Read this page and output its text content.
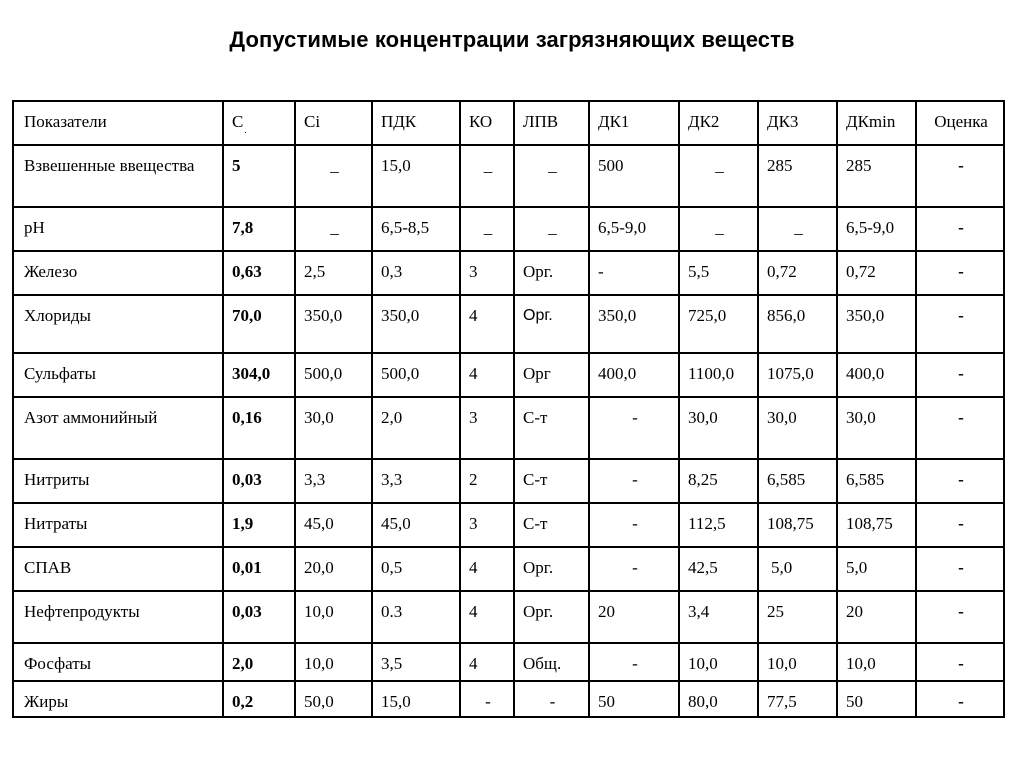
Допустимые концентрации загрязняющих веществ
Показатели	$С_.$	Ci	ПДК	КО	ЛПВ	ДК1	ДК2	ДК3	ДКmin	Оценка
Взвешенные ввещества	5	_	15,0	_	_	500	_	285	285	-
pH	7,8	_	6,5-8,5	_	_	6,5-9,0	_	_	6,5-9,0	-
Железо	0,63	2,5	0,3	3	Орг.	-	5,5	0,72	0,72	-
Хлориды	70,0	350,0	350,0	4	Орг.	350,0	725,0	856,0	350,0	-
Сульфаты	304,0	500,0	500,0	4	Орг	400,0	1100,0	1075,0	400,0	-
Азот аммонийный	0,16	30,0	2,0	3	С-т	-	30,0	30,0	30,0	-
Нитриты	0,03	3,3	3,3	2	С-т	-	8,25	6,585	6,585	-
Нитраты	1,9	45,0	45,0	3	С-т	-	112,5	108,75	108,75	-
СПАВ	0,01	20,0	0,5	4	Орг.	-	42,5	5,0	5,0	-
Нефтепродукты	0,03	10,0	0.3	4	Орг.	20	3,4	25	20	-
Фосфаты	2,0	10,0	3,5	4	Общ.	-	10,0	10,0	10,0	-
Жиры	0,2	50,0	15,0	-	-	50	80,0	77,5	50	-
